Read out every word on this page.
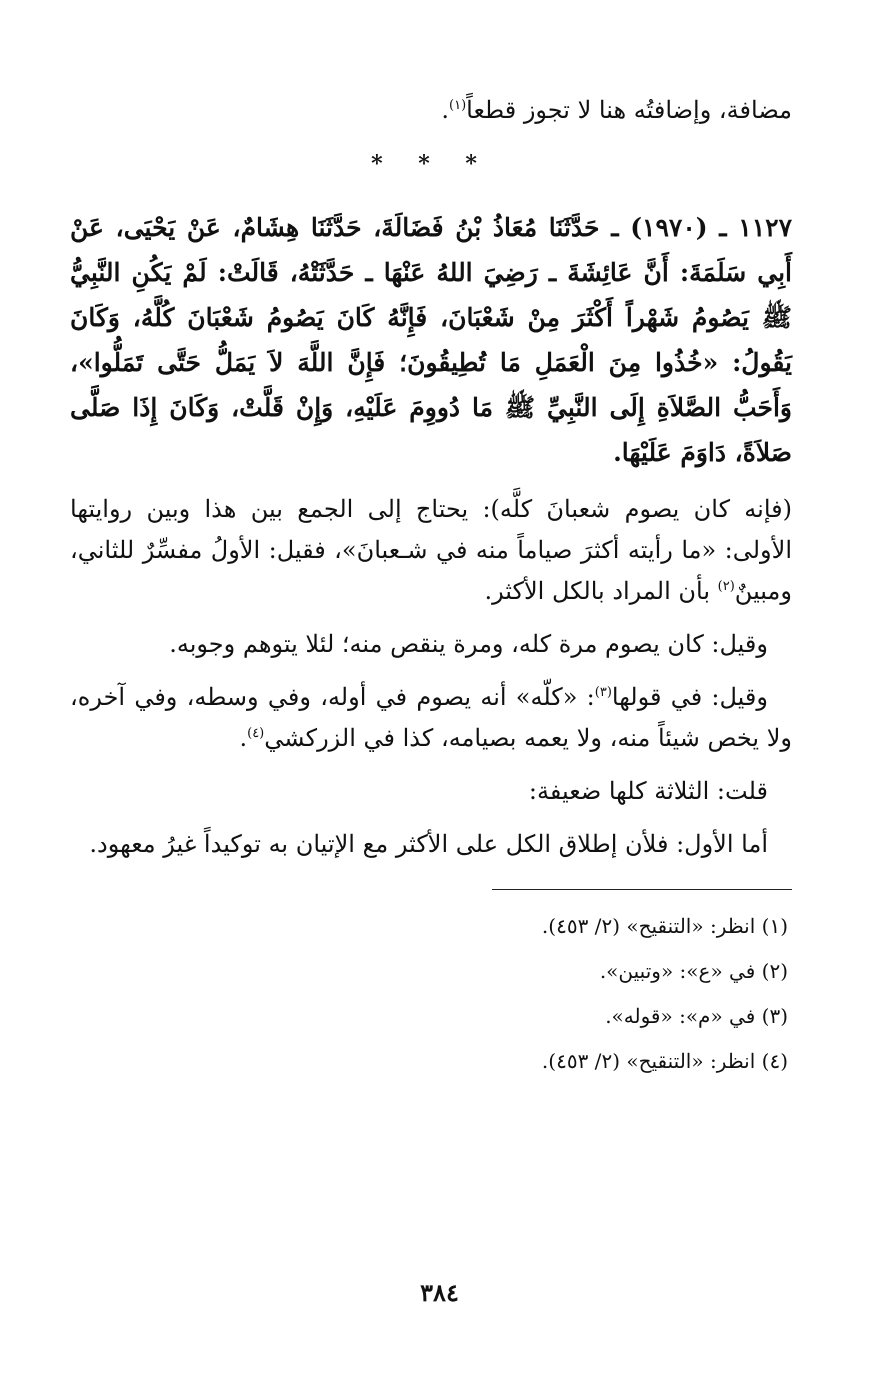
مضافة، وإضافتُه هنا لا تجوز قطعاً$^{(١)}$.

* * *

١١٢٧ ـ (١٩٧٠) ـ حَدَّثَنَا مُعَاذُ بْنُ فَضَالَةَ، حَدَّثَنَا هِشَامٌ، عَنْ يَحْيَى، عَنْ أَبِي سَلَمَةَ: أَنَّ عَائِشَةَ ـ رَضِيَ اللهُ عَنْهَا ـ حَدَّثَتْهُ، قَالَتْ: لَمْ يَكُنِ النَّبِيُّ ﷺ يَصُومُ شَهْراً أَكْثَرَ مِنْ شَعْبَانَ، فَإِنَّهُ كَانَ يَصُومُ شَعْبَانَ كُلَّهُ، وَكَانَ يَقُولُ: «خُذُوا مِنَ الْعَمَلِ مَا تُطِيقُونَ؛ فَإِنَّ اللَّهَ لاَ يَمَلُّ حَتَّى تَمَلُّوا»، وَأَحَبُّ الصَّلاَةِ إِلَى النَّبِيِّ ﷺ مَا دُووِمَ عَلَيْهِ، وَإِنْ قَلَّتْ، وَكَانَ إِذَا صَلَّى صَلاَةً، دَاوَمَ عَلَيْهَا.

(فإنه كان يصوم شعبانَ كلَّه): يحتاج إلى الجمع بين هذا وبين روايتها الأولى: «ما رأيته أكثرَ صياماً منه في شـعبانَ»، فقيل: الأولُ مفسِّرٌ للثاني، ومبينٌ$^{(٢)}$ بأن المراد بالكل الأكثر.

وقيل: كان يصوم مرة كله، ومرة ينقص منه؛ لئلا يتوهم وجوبه.

وقيل: في قولها$^{(٣)}$: «كلّه» أنه يصوم في أوله، وفي وسطه، وفي آخره، ولا يخص شيئاً منه، ولا يعمه بصيامه، كذا في الزركشي$^{(٤)}$.

قلت: الثلاثة كلها ضعيفة:

أما الأول: فلأن إطلاق الكل على الأكثر مع الإتيان به توكيداً غيرُ معهود.

(١) انظر: «التنقيح» (٢/ ٤٥٣).
(٢) في «ع»: «وتبين».
(٣) في «م»: «قوله».
(٤) انظر: «التنقيح» (٢/ ٤٥٣).
٣٨٤
